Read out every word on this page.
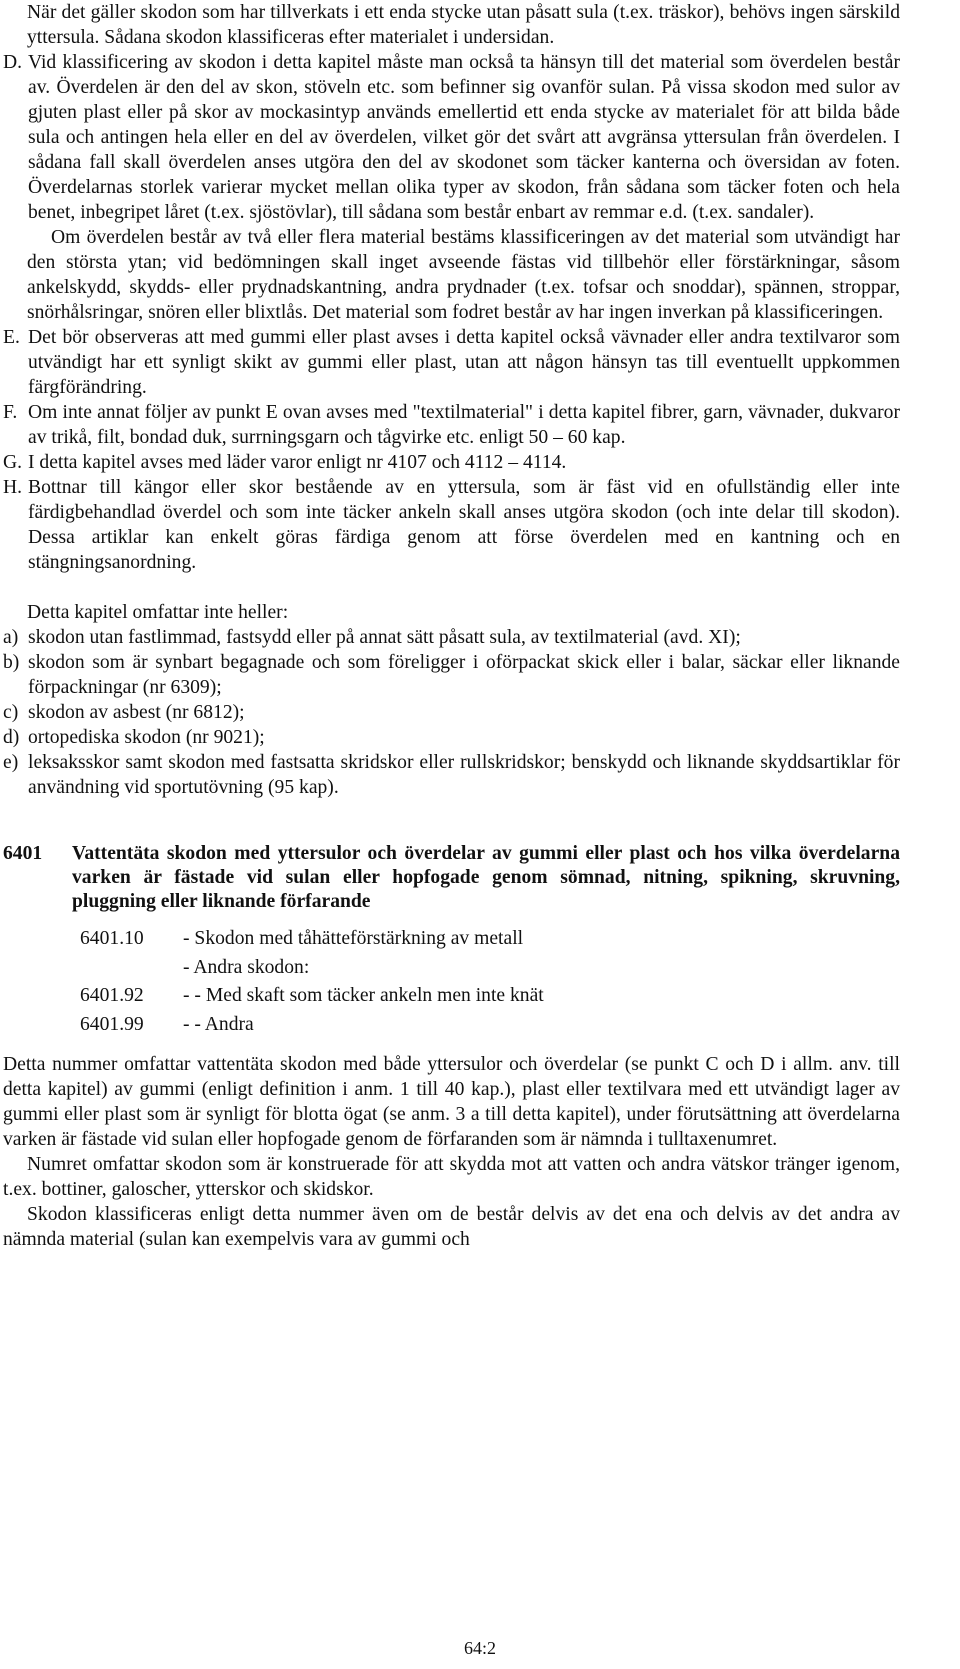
När det gäller skodon som har tillverkats i ett enda stycke utan påsatt sula (t.ex. träskor), behövs ingen särskild yttersula. Sådana skodon klassificeras efter materialet i undersidan.

D. Vid klassificering av skodon i detta kapitel måste man också ta hänsyn till det material som överdelen består av. Överdelen är den del av skon, stöveln etc. som befinner sig ovanför sulan. På vissa skodon med sulor av gjuten plast eller på skor av mockasintyp används emellertid ett enda stycke av materialet för att bilda både sula och antingen hela eller en del av överdelen, vilket gör det svårt att avgränsa yttersulan från överdelen. I sådana fall skall överdelen anses utgöra den del av skodonet som täcker kanterna och översidan av foten. Överdelarnas storlek varierar mycket mellan olika typer av skodon, från sådana som täcker foten och hela benet, inbegripet låret (t.ex. sjöstövlar), till sådana som består enbart av remmar e.d. (t.ex. sandaler).

Om överdelen består av två eller flera material bestäms klassificeringen av det material som utvändigt har den största ytan; vid bedömningen skall inget avseende fästas vid tillbehör eller förstärkningar, såsom ankelskydd, skydds- eller prydnadskantning, andra prydnader (t.ex. tofsar och snoddar), spännen, stroppar, snörhålsringar, snören eller blixtlås. Det material som fodret består av har ingen inverkan på klassificeringen.

E. Det bör observeras att med gummi eller plast avses i detta kapitel också vävnader eller andra textilvaror som utvändigt har ett synligt skikt av gummi eller plast, utan att någon hänsyn tas till eventuellt uppkommen färgförändring.

F. Om inte annat följer av punkt E ovan avses med "textilmaterial" i detta kapitel fibrer, garn, vävnader, dukvaror av trikå, filt, bondad duk, surrningsgarn och tågvirke etc. enligt 50 – 60 kap.

G. I detta kapitel avses med läder varor enligt nr 4107 och 4112 – 4114.

H. Bottnar till kängor eller skor bestående av en yttersula, som är fäst vid en ofullständig eller inte färdigbehandlad överdel och som inte täcker ankeln skall anses utgöra skodon (och inte delar till skodon). Dessa artiklar kan enkelt göras färdiga genom att förse överdelen med en kantning och en stängningsanordning.

Detta kapitel omfattar inte heller:

a) skodon utan fastlimmad, fastsydd eller på annat sätt påsatt sula, av textilmaterial (avd. XI);

b) skodon som är synbart begagnade och som föreligger i oförpackat skick eller i balar, säckar eller liknande förpackningar (nr 6309);

c) skodon av asbest (nr 6812);

d) ortopediska skodon (nr 9021);

e) leksaksskor samt skodon med fastsatta skridskor eller rullskridskor; benskydd och liknande skyddsartiklar för användning vid sportutövning (95 kap).

6401	Vattentäta skodon med yttersulor och överdelar av gummi eller plast och hos vilka överdelarna varken är fästade vid sulan eller hopfogade genom sömnad, nitning, spikning, skruvning, pluggning eller liknande förfarande
6401.10	- Skodon med tåhätteförstärkning av metall
	- Andra skodon:
6401.92	- - Med skaft som täcker ankeln men inte knät
6401.99	- - Andra

Detta nummer omfattar vattentäta skodon med både yttersulor och överdelar (se punkt C och D i allm. anv. till detta kapitel) av gummi (enligt definition i anm. 1 till 40 kap.), plast eller textilvara med ett utvändigt lager av gummi eller plast som är synligt för blotta ögat (se anm. 3 a till detta kapitel), under förutsättning att överdelarna varken är fästade vid sulan eller hopfogade genom de förfaranden som är nämnda i tulltaxenumret.

Numret omfattar skodon som är konstruerade för att skydda mot att vatten och andra vätskor tränger igenom, t.ex. bottiner, galoscher, ytterskor och skidskor.

Skodon klassificeras enligt detta nummer även om de består delvis av det ena och delvis av det andra av nämnda material (sulan kan exempelvis vara av gummi och

64:2
